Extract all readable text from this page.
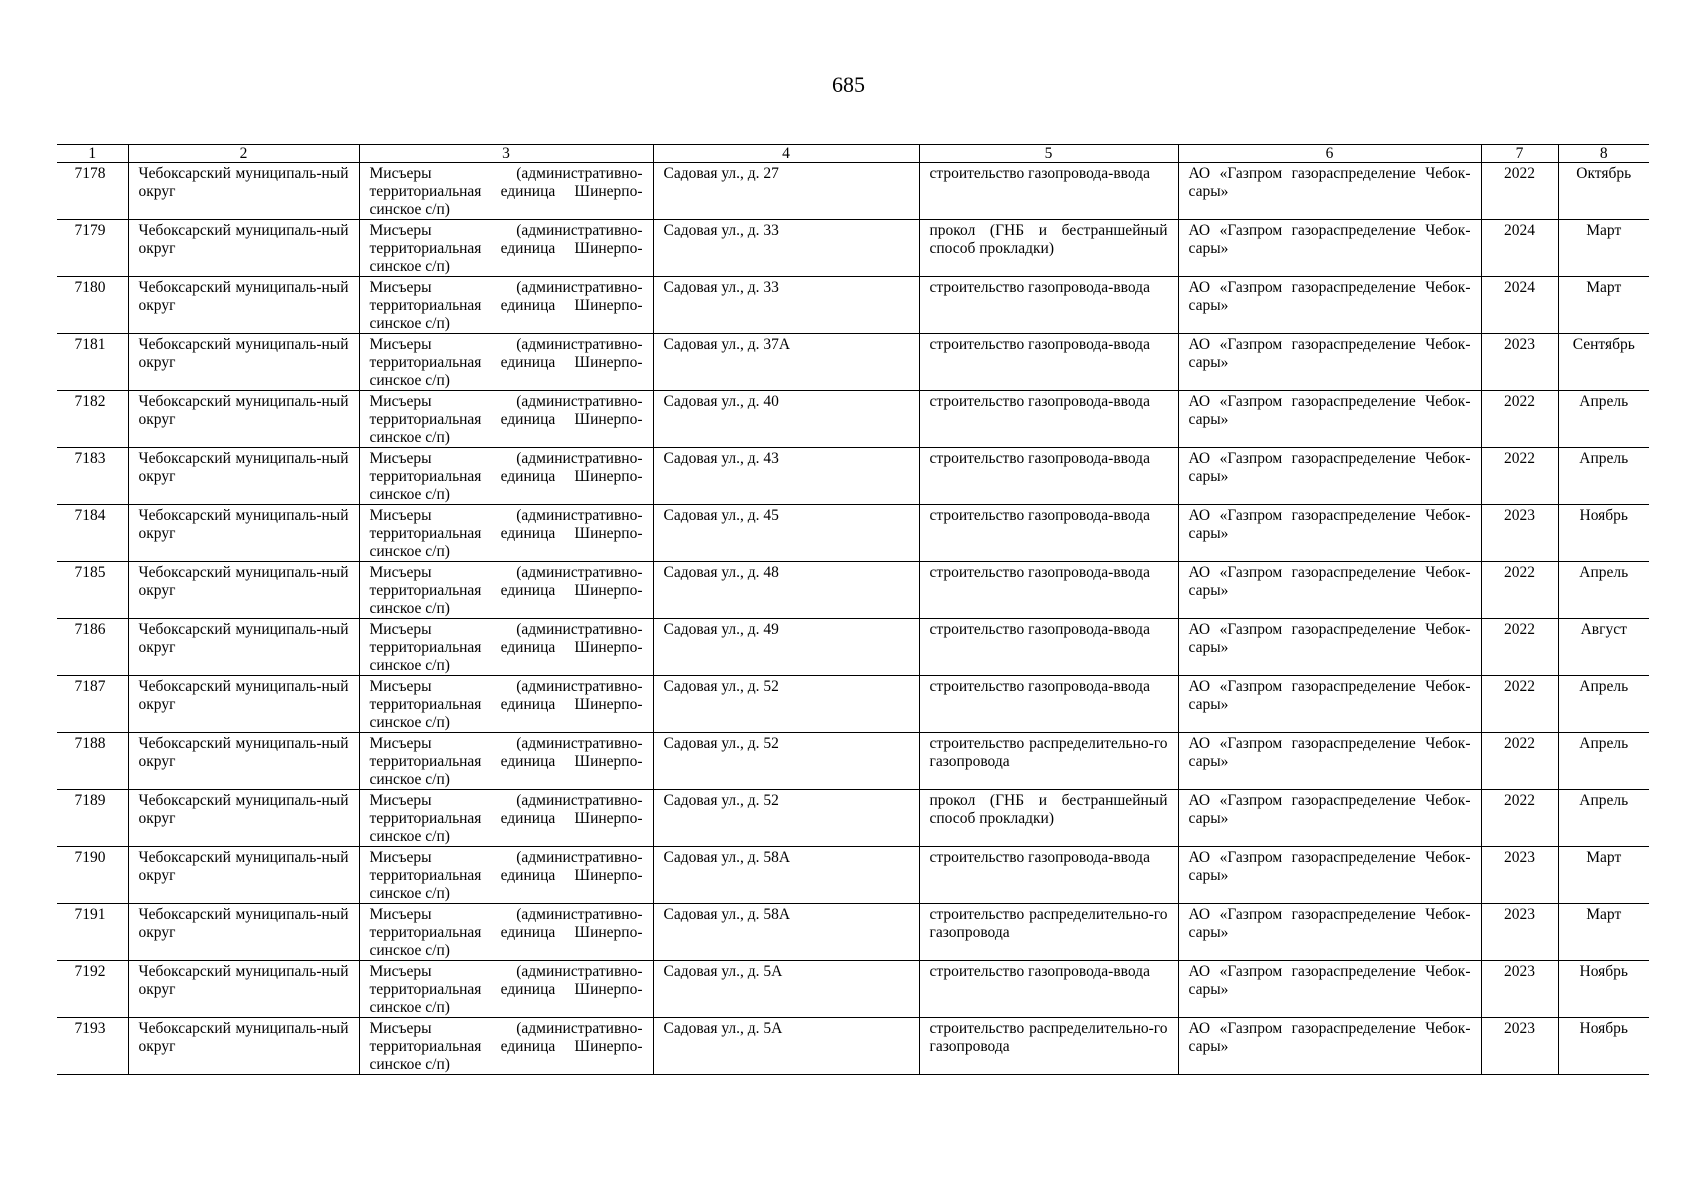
685
1	2	3	4	5	6	7	8
7178	Чебоксарский муниципаль-ный округ	Мисъеры (административно-территориальная единица Шинерпо-синское с/п)	Садовая ул., д. 27	строительство газопровода-ввода	АО «Газпром газораспределение Чебок-сары»	2022	Октябрь
7179	Чебоксарский муниципаль-ный округ	Мисъеры (административно-территориальная единица Шинерпо-синское с/п)	Садовая ул., д. 33	прокол (ГНБ и бестраншейный способ прокладки)	АО «Газпром газораспределение Чебок-сары»	2024	Март
7180	Чебоксарский муниципаль-ный округ	Мисъеры (административно-территориальная единица Шинерпо-синское с/п)	Садовая ул., д. 33	строительство газопровода-ввода	АО «Газпром газораспределение Чебок-сары»	2024	Март
7181	Чебоксарский муниципаль-ный округ	Мисъеры (административно-территориальная единица Шинерпо-синское с/п)	Садовая ул., д. 37А	строительство газопровода-ввода	АО «Газпром газораспределение Чебок-сары»	2023	Сентябрь
7182	Чебоксарский муниципаль-ный округ	Мисъеры (административно-территориальная единица Шинерпо-синское с/п)	Садовая ул., д. 40	строительство газопровода-ввода	АО «Газпром газораспределение Чебок-сары»	2022	Апрель
7183	Чебоксарский муниципаль-ный округ	Мисъеры (административно-территориальная единица Шинерпо-синское с/п)	Садовая ул., д. 43	строительство газопровода-ввода	АО «Газпром газораспределение Чебок-сары»	2022	Апрель
7184	Чебоксарский муниципаль-ный округ	Мисъеры (административно-территориальная единица Шинерпо-синское с/п)	Садовая ул., д. 45	строительство газопровода-ввода	АО «Газпром газораспределение Чебок-сары»	2023	Ноябрь
7185	Чебоксарский муниципаль-ный округ	Мисъеры (административно-территориальная единица Шинерпо-синское с/п)	Садовая ул., д. 48	строительство газопровода-ввода	АО «Газпром газораспределение Чебок-сары»	2022	Апрель
7186	Чебоксарский муниципаль-ный округ	Мисъеры (административно-территориальная единица Шинерпо-синское с/п)	Садовая ул., д. 49	строительство газопровода-ввода	АО «Газпром газораспределение Чебок-сары»	2022	Август
7187	Чебоксарский муниципаль-ный округ	Мисъеры (административно-территориальная единица Шинерпо-синское с/п)	Садовая ул., д. 52	строительство газопровода-ввода	АО «Газпром газораспределение Чебок-сары»	2022	Апрель
7188	Чебоксарский муниципаль-ный округ	Мисъеры (административно-территориальная единица Шинерпо-синское с/п)	Садовая ул., д. 52	строительство распределительно-го газопровода	АО «Газпром газораспределение Чебок-сары»	2022	Апрель
7189	Чебоксарский муниципаль-ный округ	Мисъеры (административно-территориальная единица Шинерпо-синское с/п)	Садовая ул., д. 52	прокол (ГНБ и бестраншейный способ прокладки)	АО «Газпром газораспределение Чебок-сары»	2022	Апрель
7190	Чебоксарский муниципаль-ный округ	Мисъеры (административно-территориальная единица Шинерпо-синское с/п)	Садовая ул., д. 58А	строительство газопровода-ввода	АО «Газпром газораспределение Чебок-сары»	2023	Март
7191	Чебоксарский муниципаль-ный округ	Мисъеры (административно-территориальная единица Шинерпо-синское с/п)	Садовая ул., д. 58А	строительство распределительно-го газопровода	АО «Газпром газораспределение Чебок-сары»	2023	Март
7192	Чебоксарский муниципаль-ный округ	Мисъеры (административно-территориальная единица Шинерпо-синское с/п)	Садовая ул., д. 5А	строительство газопровода-ввода	АО «Газпром газораспределение Чебок-сары»	2023	Ноябрь
7193	Чебоксарский муниципаль-ный округ	Мисъеры (административно-территориальная единица Шинерпо-синское с/п)	Садовая ул., д. 5А	строительство распределительно-го газопровода	АО «Газпром газораспределение Чебок-сары»	2023	Ноябрь
